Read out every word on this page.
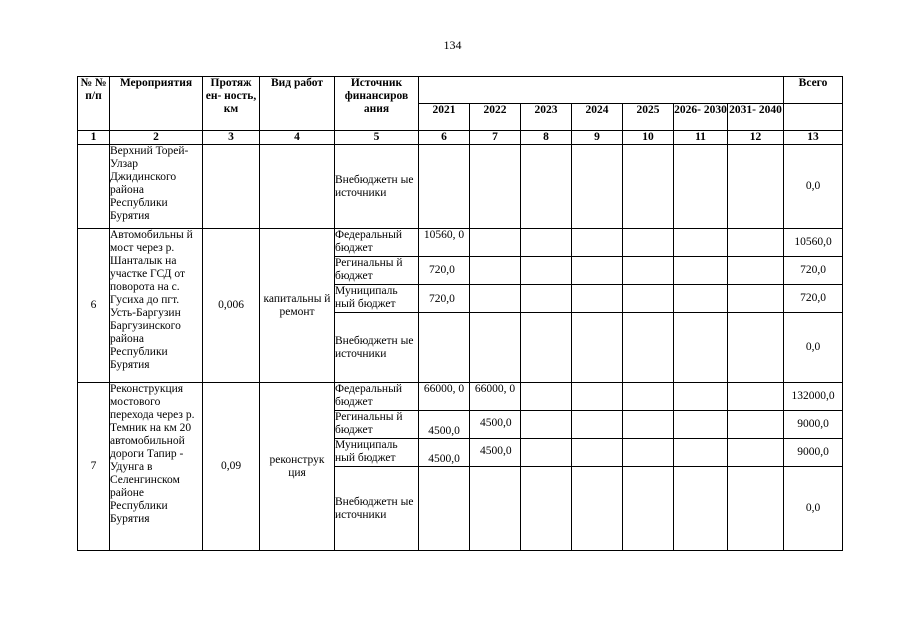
134
№ № п/п	Мероприятия	Протяж ен- ность, км	Вид работ	Источник финансиров ания								Всего
					2021	2022	2023	2024	2025	2026- 2030	2031- 2040	
1	2	3	4	5	6	7	8	9	10	11	12	13
	Верхний Торей- Улзар Джидинского района Республики Бурятия			Внебюджетн ые источники								0,0
6	Автомобильны й мост через р. Шанталык на участке ГСД от поворота на с. Гусиха до пгт. Усть-Баргузин Баргузинского района Республики Бурятия	0,006	капитальны й ремонт	Федеральный бюджет	10560, 0							10560,0
				Регинальны й бюджет	720,0							720,0
				Муниципаль ный бюджет	720,0							720,0
				Внебюджетн ые источники								0,0
7	Реконструкция мостового перехода через р. Темник на км 20 автомобильной дороги Тапир - Удунга в Селенгинском районе Республики Бурятия	0,09	реконструк ция	Федеральный бюджет	66000, 0	66000, 0						132000,0
				Регинальны й бюджет	4500,0	4500,0						9000,0
				Муниципаль ный бюджет	4500,0	4500,0						9000,0
				Внебюджетн ые источники								0,0
